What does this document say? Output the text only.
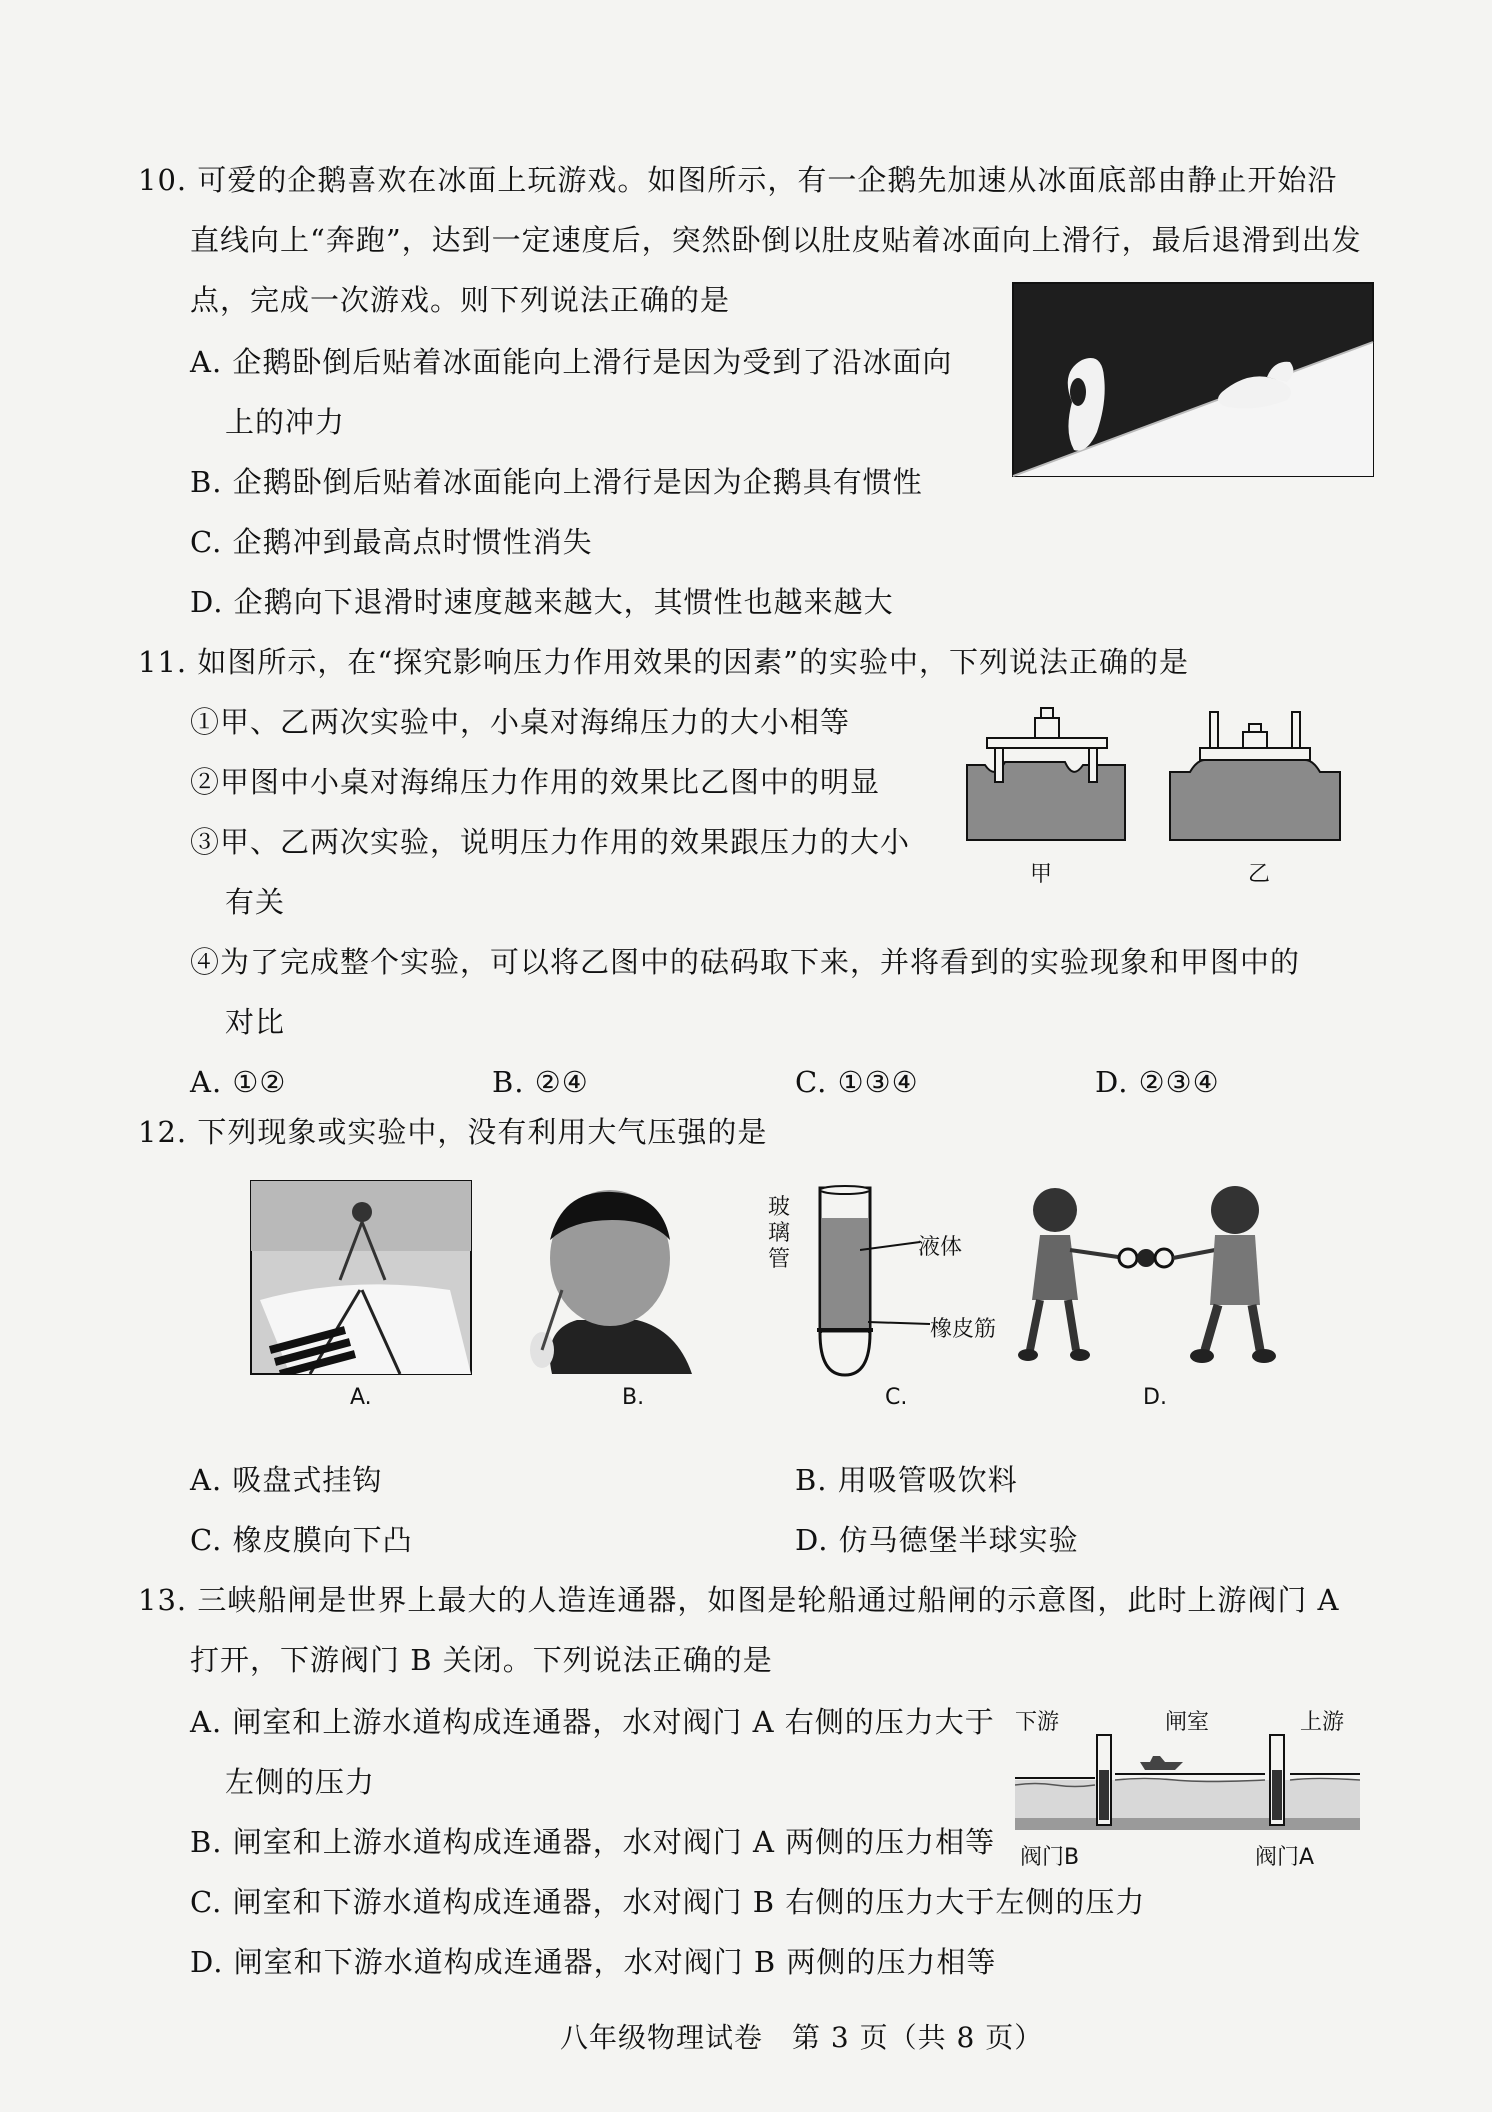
10. 可爱的企鹅喜欢在冰面上玩游戏。如图所示，有一企鹅先加速从冰面底部由静止开始沿
直线向上“奔跑”，达到一定速度后，突然卧倒以肚皮贴着冰面向上滑行，最后退滑到出发
点，完成一次游戏。则下列说法正确的是
A. 企鹅卧倒后贴着冰面能向上滑行是因为受到了沿冰面向
上的冲力
B. 企鹅卧倒后贴着冰面能向上滑行是因为企鹅具有惯性
C. 企鹅冲到最高点时惯性消失
D. 企鹅向下退滑时速度越来越大，其惯性也越来越大
11. 如图所示，在“探究影响压力作用效果的因素”的实验中，下列说法正确的是
①甲、乙两次实验中，小桌对海绵压力的大小相等
②甲图中小桌对海绵压力作用的效果比乙图中的明显
③甲、乙两次实验，说明压力作用的效果跟压力的大小
有关
④为了完成整个实验，可以将乙图中的砝码取下来，并将看到的实验现象和甲图中的
对比
A. ①②	B. ②④	C. ①③④	D. ②③④
甲	乙
12. 下列现象或实验中，没有利用大气压强的是
A.	B.
玻璃管	液体
橡皮筋
C.	D.
A. 吸盘式挂钩	B. 用吸管吸饮料
C. 橡皮膜向下凸	D. 仿马德堡半球实验
13. 三峡船闸是世界上最大的人造连通器，如图是轮船通过船闸的示意图，此时上游阀门 A
打开，下游阀门 B 关闭。下列说法正确的是
A. 闸室和上游水道构成连通器，水对阀门 A 右侧的压力大于
左侧的压力
B. 闸室和上游水道构成连通器，水对阀门 A 两侧的压力相等
C. 闸室和下游水道构成连通器，水对阀门 B 右侧的压力大于左侧的压力
D. 闸室和下游水道构成连通器，水对阀门 B 两侧的压力相等
下游	闸室	上游
阀门B	阀门A
八年级物理试卷　第 3 页（共 8 页）
